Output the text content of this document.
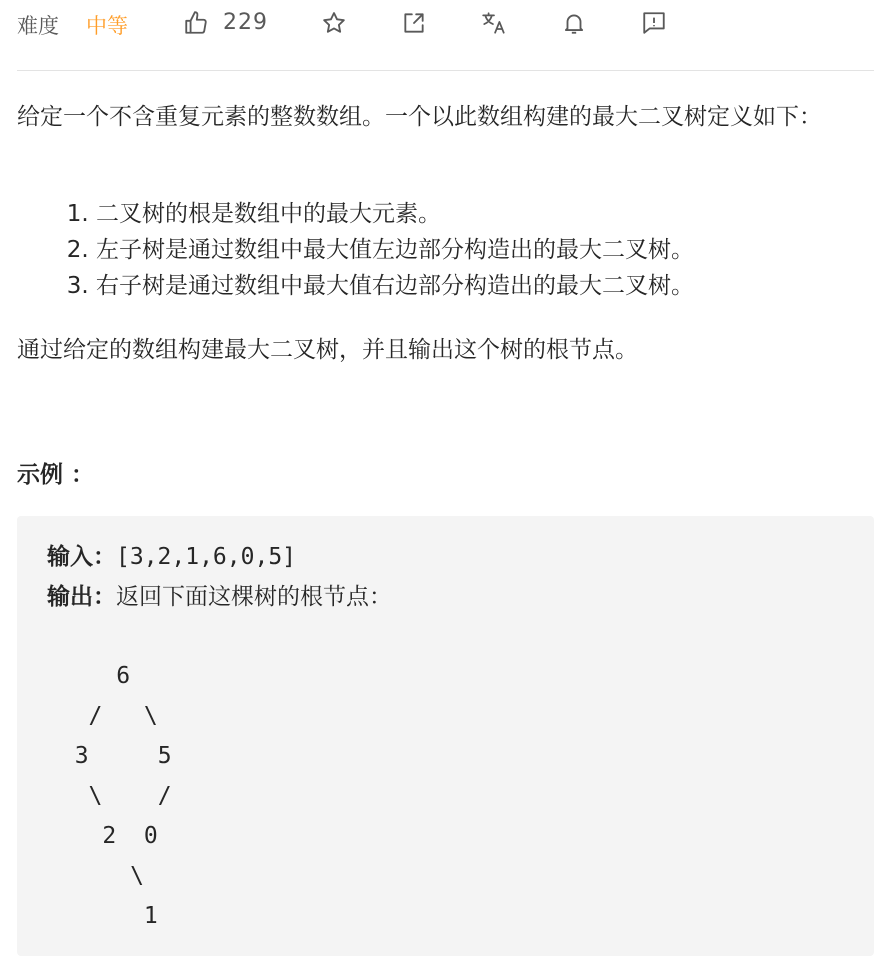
难度 中等	229
给定一个不含重复元素的整数数组。一个以此数组构建的最大二叉树定义如下：
1. 二叉树的根是数组中的最大元素。
2. 左子树是通过数组中最大值左边部分构造出的最大二叉树。
3. 右子树是通过数组中最大值右边部分构造出的最大二叉树。
通过给定的数组构建最大二叉树，并且输出这个树的根节点。
示例 ：
输入：[3,2,1,6,0,5]
输出：返回下面这棵树的根节点：
6
/   \
3     5
\    /
2  0
\
1
